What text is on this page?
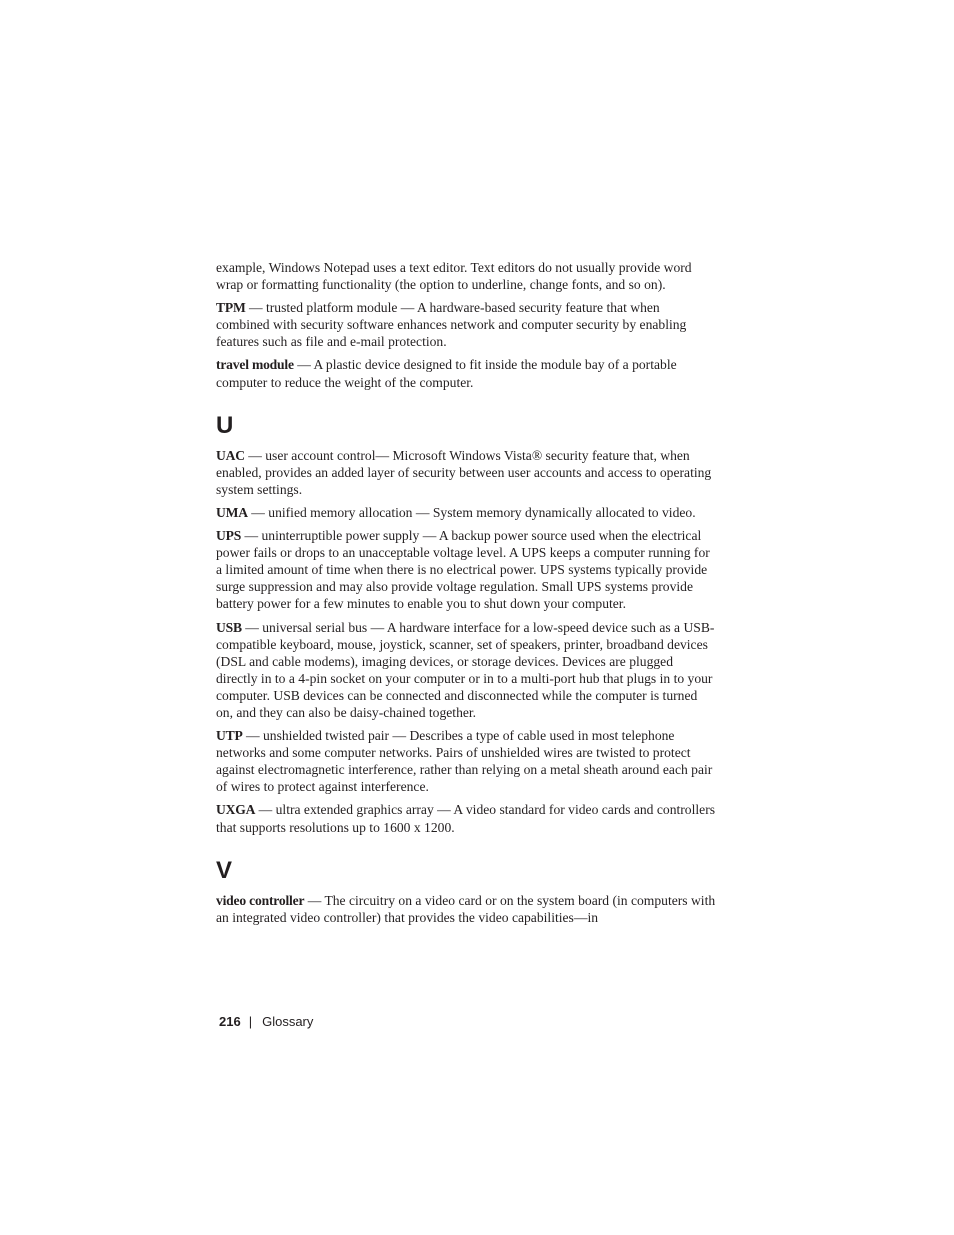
example, Windows Notepad uses a text editor. Text editors do not usually provide word wrap or formatting functionality (the option to underline, change fonts, and so on).

TPM — trusted platform module — A hardware-based security feature that when combined with security software enhances network and computer security by enabling features such as file and e-mail protection.

travel module — A plastic device designed to fit inside the module bay of a portable computer to reduce the weight of the computer.

U

UAC — user account control— Microsoft Windows Vista® security feature that, when enabled, provides an added layer of security between user accounts and access to operating system settings.

UMA — unified memory allocation — System memory dynamically allocated to video.

UPS — uninterruptible power supply — A backup power source used when the electrical power fails or drops to an unacceptable voltage level. A UPS keeps a computer running for a limited amount of time when there is no electrical power. UPS systems typically provide surge suppression and may also provide voltage regulation. Small UPS systems provide battery power for a few minutes to enable you to shut down your computer.

USB — universal serial bus — A hardware interface for a low-speed device such as a USB-compatible keyboard, mouse, joystick, scanner, set of speakers, printer, broadband devices (DSL and cable modems), imaging devices, or storage devices. Devices are plugged directly in to a 4-pin socket on your computer or in to a multi-port hub that plugs in to your computer. USB devices can be connected and disconnected while the computer is turned on, and they can also be daisy-chained together.

UTP — unshielded twisted pair — Describes a type of cable used in most telephone networks and some computer networks. Pairs of unshielded wires are twisted to protect against electromagnetic interference, rather than relying on a metal sheath around each pair of wires to protect against interference.

UXGA — ultra extended graphics array — A video standard for video cards and controllers that supports resolutions up to 1600 x 1200.

V

video controller — The circuitry on a video card or on the system board (in computers with an integrated video controller) that provides the video capabilities—in

216 | Glossary
